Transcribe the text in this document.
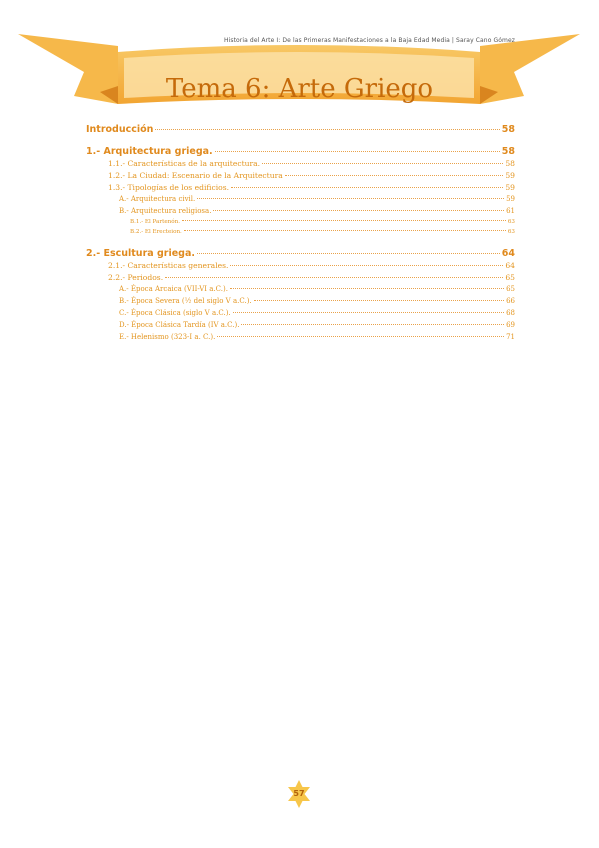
Historia del Arte I: De las Primeras Manifestaciones a la Baja Edad Media | Saray Cano Gómez
Tema 6: Arte Griego
Introducción	58
1.- Arquitectura griega.	58
1.1.- Características de la arquitectura.	58
1.2.- La Ciudad: Escenario de la Arquitectura	59
1.3.- Tipologías de los edificios.	59
A.- Arquitectura civil.	59
B.- Arquitectura religiosa.	61
B.1.- El Partenón.	63
B.2.- El Erecteion.	63
2.- Escultura griega.	64
2.1.- Características generales.	64
2.2.- Periodos.	65
A.- Época Arcaica (VII-VI a.C.).	65
B.- Época Severa (½ del siglo V a.C.).	66
C.- Época Clásica (siglo V a.C.).	68
D.- Época Clásica Tardía (IV a.C.).	69
E.- Helenismo (323-I a. C.).	71
57
